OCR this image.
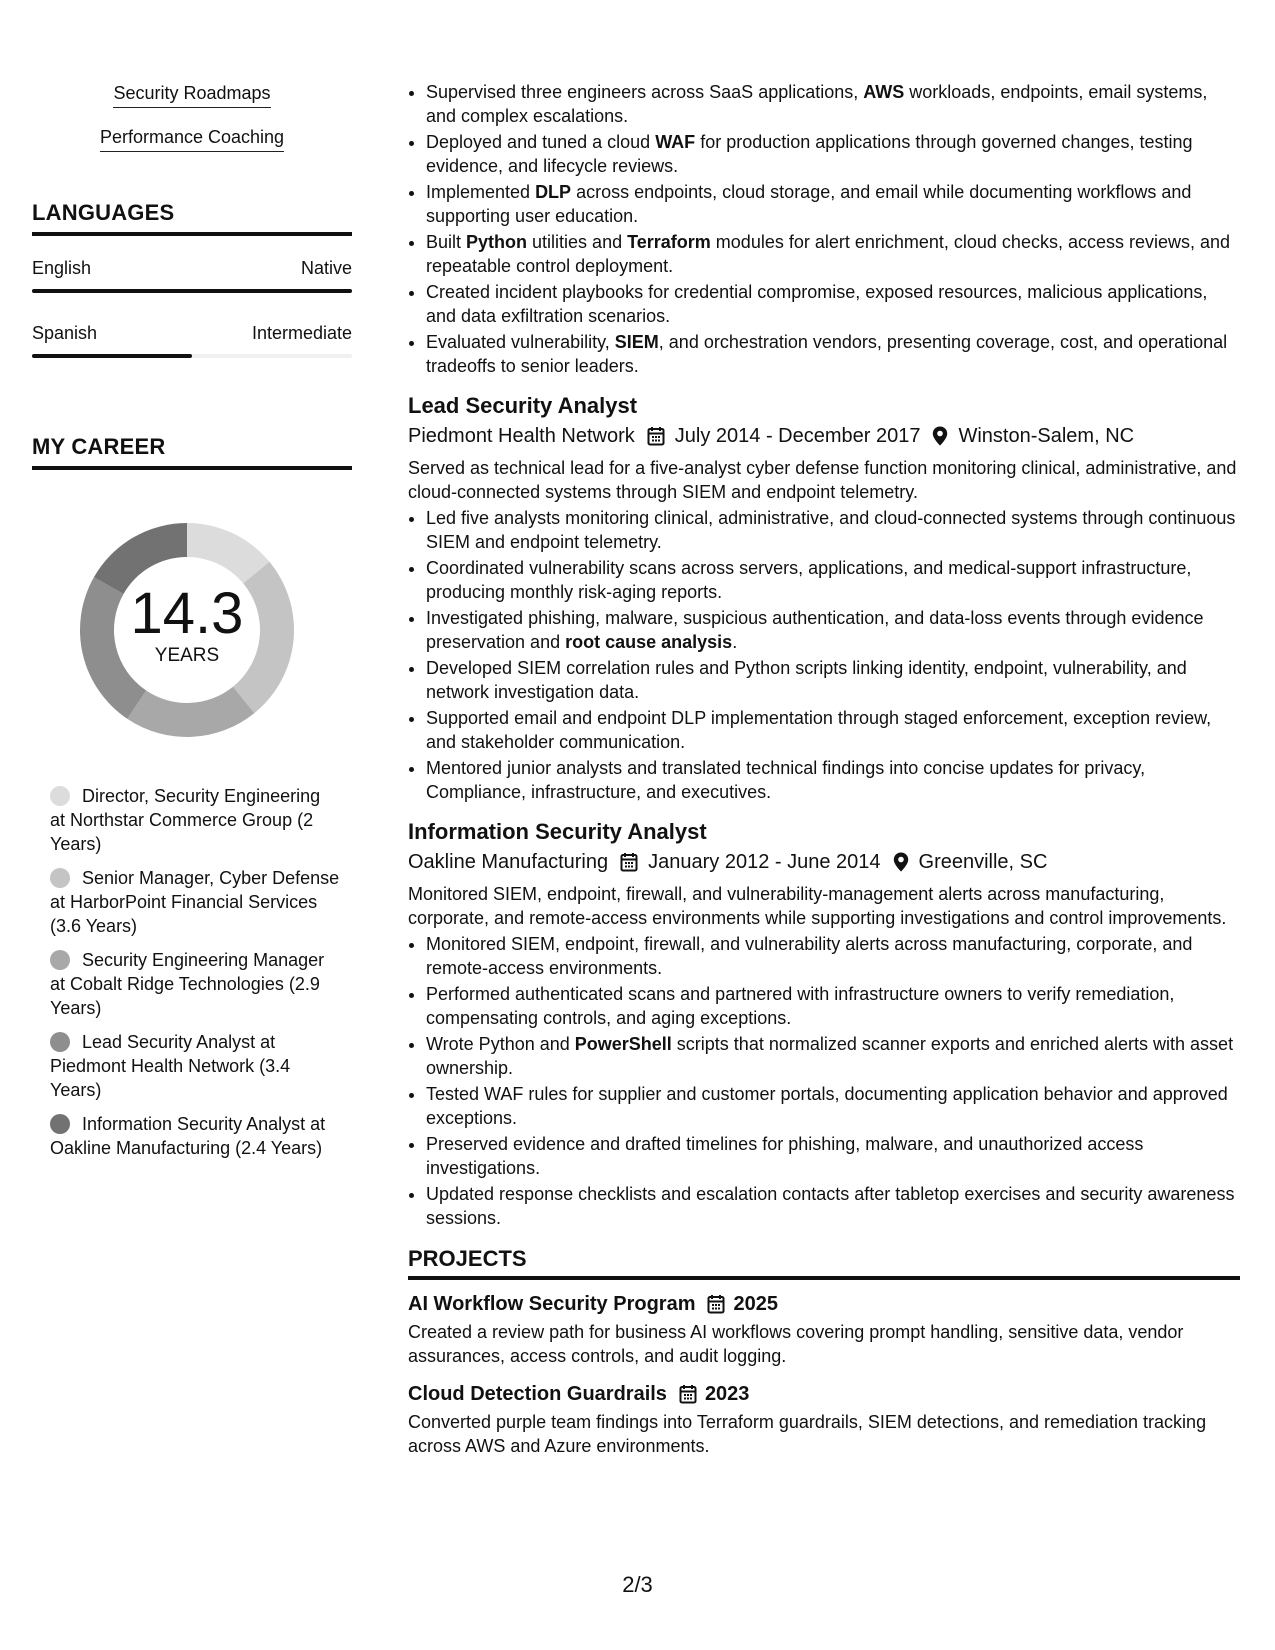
Security Roadmaps
Performance Coaching
LANGUAGES
English	Native
Spanish	Intermediate
MY CAREER
14.3
YEARS
Director, Security Engineering at Northstar Commerce Group (2 Years)
Senior Manager, Cyber Defense at HarborPoint Financial Services (3.6 Years)
Security Engineering Manager at Cobalt Ridge Technologies (2.9 Years)
Lead Security Analyst at Piedmont Health Network (3.4 Years)
Information Security Analyst at Oakline Manufacturing (2.4 Years)
• Supervised three engineers across SaaS applications, AWS workloads, endpoints, email systems, and complex escalations.
• Deployed and tuned a cloud WAF for production applications through governed changes, testing evidence, and lifecycle reviews.
• Implemented DLP across endpoints, cloud storage, and email while documenting workflows and supporting user education.
• Built Python utilities and Terraform modules for alert enrichment, cloud checks, access reviews, and repeatable control deployment.
• Created incident playbooks for credential compromise, exposed resources, malicious applications, and data exfiltration scenarios.
• Evaluated vulnerability, SIEM, and orchestration vendors, presenting coverage, cost, and operational tradeoffs to senior leaders.
Lead Security Analyst
Piedmont Health Network July 2014 - December 2017 Winston-Salem, NC
Served as technical lead for a five-analyst cyber defense function monitoring clinical, administrative, and cloud-connected systems through SIEM and endpoint telemetry.
• Led five analysts monitoring clinical, administrative, and cloud-connected systems through continuous SIEM and endpoint telemetry.
• Coordinated vulnerability scans across servers, applications, and medical-support infrastructure, producing monthly risk-aging reports.
• Investigated phishing, malware, suspicious authentication, and data-loss events through evidence preservation and root cause analysis.
• Developed SIEM correlation rules and Python scripts linking identity, endpoint, vulnerability, and network investigation data.
• Supported email and endpoint DLP implementation through staged enforcement, exception review, and stakeholder communication.
• Mentored junior analysts and translated technical findings into concise updates for privacy, Compliance, infrastructure, and executives.
Information Security Analyst
Oakline Manufacturing January 2012 - June 2014 Greenville, SC
Monitored SIEM, endpoint, firewall, and vulnerability-management alerts across manufacturing, corporate, and remote-access environments while supporting investigations and control improvements.
• Monitored SIEM, endpoint, firewall, and vulnerability alerts across manufacturing, corporate, and remote-access environments.
• Performed authenticated scans and partnered with infrastructure owners to verify remediation, compensating controls, and aging exceptions.
• Wrote Python and PowerShell scripts that normalized scanner exports and enriched alerts with asset ownership.
• Tested WAF rules for supplier and customer portals, documenting application behavior and approved exceptions.
• Preserved evidence and drafted timelines for phishing, malware, and unauthorized access investigations.
• Updated response checklists and escalation contacts after tabletop exercises and security awareness sessions.
PROJECTS
AI Workflow Security Program 2025
Created a review path for business AI workflows covering prompt handling, sensitive data, vendor assurances, access controls, and audit logging.
Cloud Detection Guardrails 2023
Converted purple team findings into Terraform guardrails, SIEM detections, and remediation tracking across AWS and Azure environments.
2/3
